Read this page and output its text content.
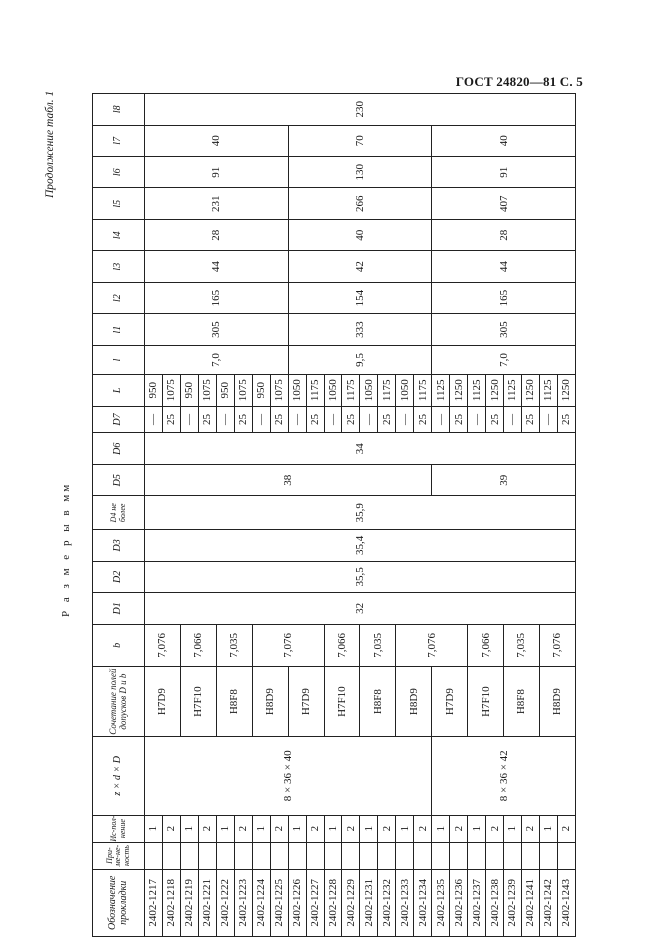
ГОСТ 24820—81 С. 5
Продолжение табл. 1
Р а з м е р ы в мм
Обозначение прокладки	При-ме-не-ность	Ис-пол-нение	z × d × D	Сочетание полей допусков D и b	b	D1	D2	D3	D4 не более	D5	D6	D7	L	l	l1	l2	l3	l4	l5	l6	l7	l8
2402-1217		1	8 × 36 × 40	H7D9	7,076	32	35,5	35,4	35,9	38	34	—	950	7,0	305	165	44	28	231	91	40	230
2402-1218		2										25	1075									
2402-1219		1		H7F10	7,066							—	950									
2402-1221		2										25	1075									
2402-1222		1		H8F8	7,035							—	950									
2402-1223		2										25	1075									
2402-1224		1		H8D9	7,076							—	950									
2402-1225		2										25	1075									
2402-1226		1		H7D9								—	1050	9,5	333	154	42	40	266	130	70	
2402-1227		2										25	1175									
2402-1228		1		H7F10	7,066							—	1050									
2402-1229		2										25	1175									
2402-1231		1		H8F8	7,035							—	1050									
2402-1232		2										25	1175									
2402-1233		1		H8D9	7,076							—	1050									
2402-1234		2										25	1175									
2402-1235		1	8 × 36 × 42	H7D9						39		—	1125	7,0	305	165	44	28	407	91	40	
2402-1236		2										25	1250									
2402-1237		1		H7F10	7,066							—	1125									
2402-1238		2										25	1250									
2402-1239		1		H8F8	7,035							—	1125									
2402-1241		2										25	1250									
2402-1242		1		H8D9	7,076							—	1125									
2402-1243		2										25	1250									
